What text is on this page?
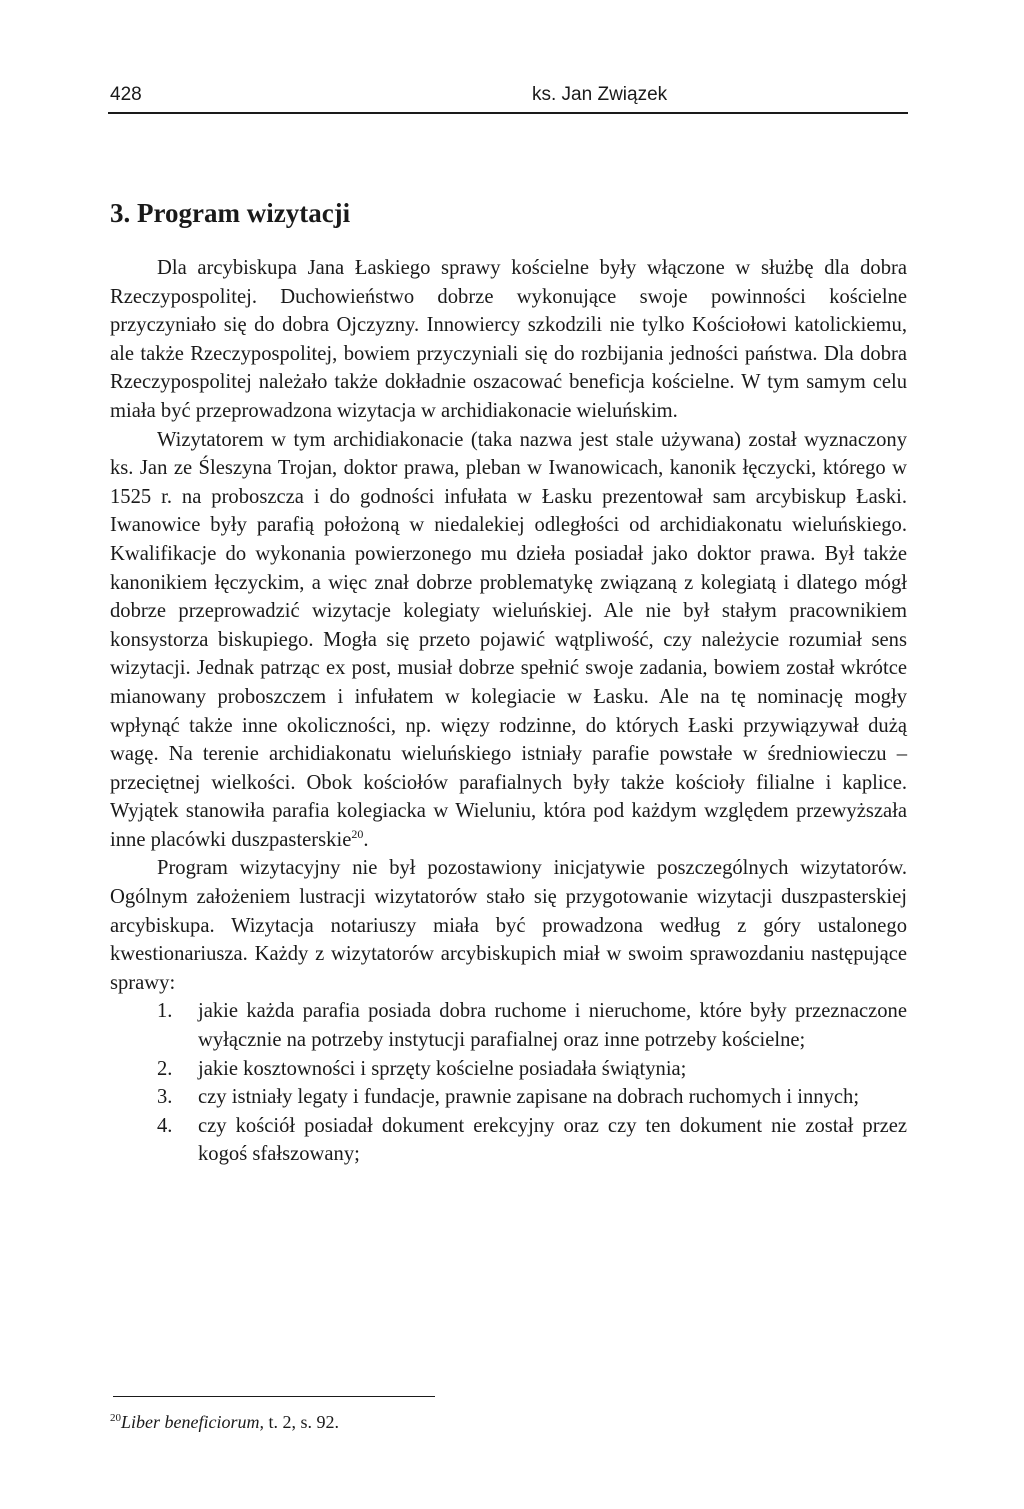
428	ks. Jan Związek
3. Program wizytacji

Dla arcybiskupa Jana Łaskiego sprawy kościelne były włączone w służbę dla dobra Rzeczypospolitej. Duchowieństwo dobrze wykonujące swoje powinności kościelne przyczyniało się do dobra Ojczyzny. Innowiercy szkodzili nie tylko Kościołowi katolickiemu, ale także Rzeczypospolitej, bowiem przyczyniali się do rozbijania jedności państwa. Dla dobra Rzeczypospolitej należało także dokładnie oszacować beneficja kościelne. W tym samym celu miała być przeprowadzona wizytacja w archidiakonacie wieluńskim.

Wizytatorem w tym archidiakonacie (taka nazwa jest stale używana) został wyznaczony ks. Jan ze Śleszyna Trojan, doktor prawa, pleban w Iwanowicach, kanonik łęczycki, którego w 1525 r. na proboszcza i do godności infułata w Łasku prezentował sam arcybiskup Łaski. Iwanowice były parafią położoną w niedalekiej odległości od archidiakonatu wieluńskiego. Kwalifikacje do wykonania powierzonego mu dzieła posiadał jako doktor prawa. Był także kanonikiem łęczyckim, a więc znał dobrze problematykę związaną z kolegiatą i dlatego mógł dobrze przeprowadzić wizytacje kolegiaty wieluńskiej. Ale nie był stałym pracownikiem konsystorza biskupiego. Mogła się przeto pojawić wątpliwość, czy należycie rozumiał sens wizytacji. Jednak patrząc ex post, musiał dobrze spełnić swoje zadania, bowiem został wkrótce mianowany proboszczem i infułatem w kolegiacie w Łasku. Ale na tę nominację mogły wpłynąć także inne okoliczności, np. więzy rodzinne, do których Łaski przywiązywał dużą wagę. Na terenie archidiakonatu wieluńskiego istniały parafie powstałe w średniowieczu – przeciętnej wielkości. Obok kościołów parafialnych były także kościoły filialne i kaplice. Wyjątek stanowiła parafia kolegiacka w Wieluniu, która pod każdym względem przewyższała inne placówki duszpasterskie$^{20}$.

Program wizytacyjny nie był pozostawiony inicjatywie poszczególnych wizytatorów. Ogólnym założeniem lustracji wizytatorów stało się przygotowanie wizytacji duszpasterskiej arcybiskupa. Wizytacja notariuszy miała być prowadzona według z góry ustalonego kwestionariusza. Każdy z wizytatorów arcybiskupich miał w swoim sprawozdaniu następujące sprawy:

1. jakie każda parafia posiada dobra ruchome i nieruchome, które były przeznaczone wyłącznie na potrzeby instytucji parafialnej oraz inne potrzeby kościelne;
2. jakie kosztowności i sprzęty kościelne posiadała świątynia;
3. czy istniały legaty i fundacje, prawnie zapisane na dobrach ruchomych i innych;
4. czy kościół posiadał dokument erekcyjny oraz czy ten dokument nie został przez kogoś sfałszowany;
$^{20}$Liber beneficiorum, t. 2, s. 92.
